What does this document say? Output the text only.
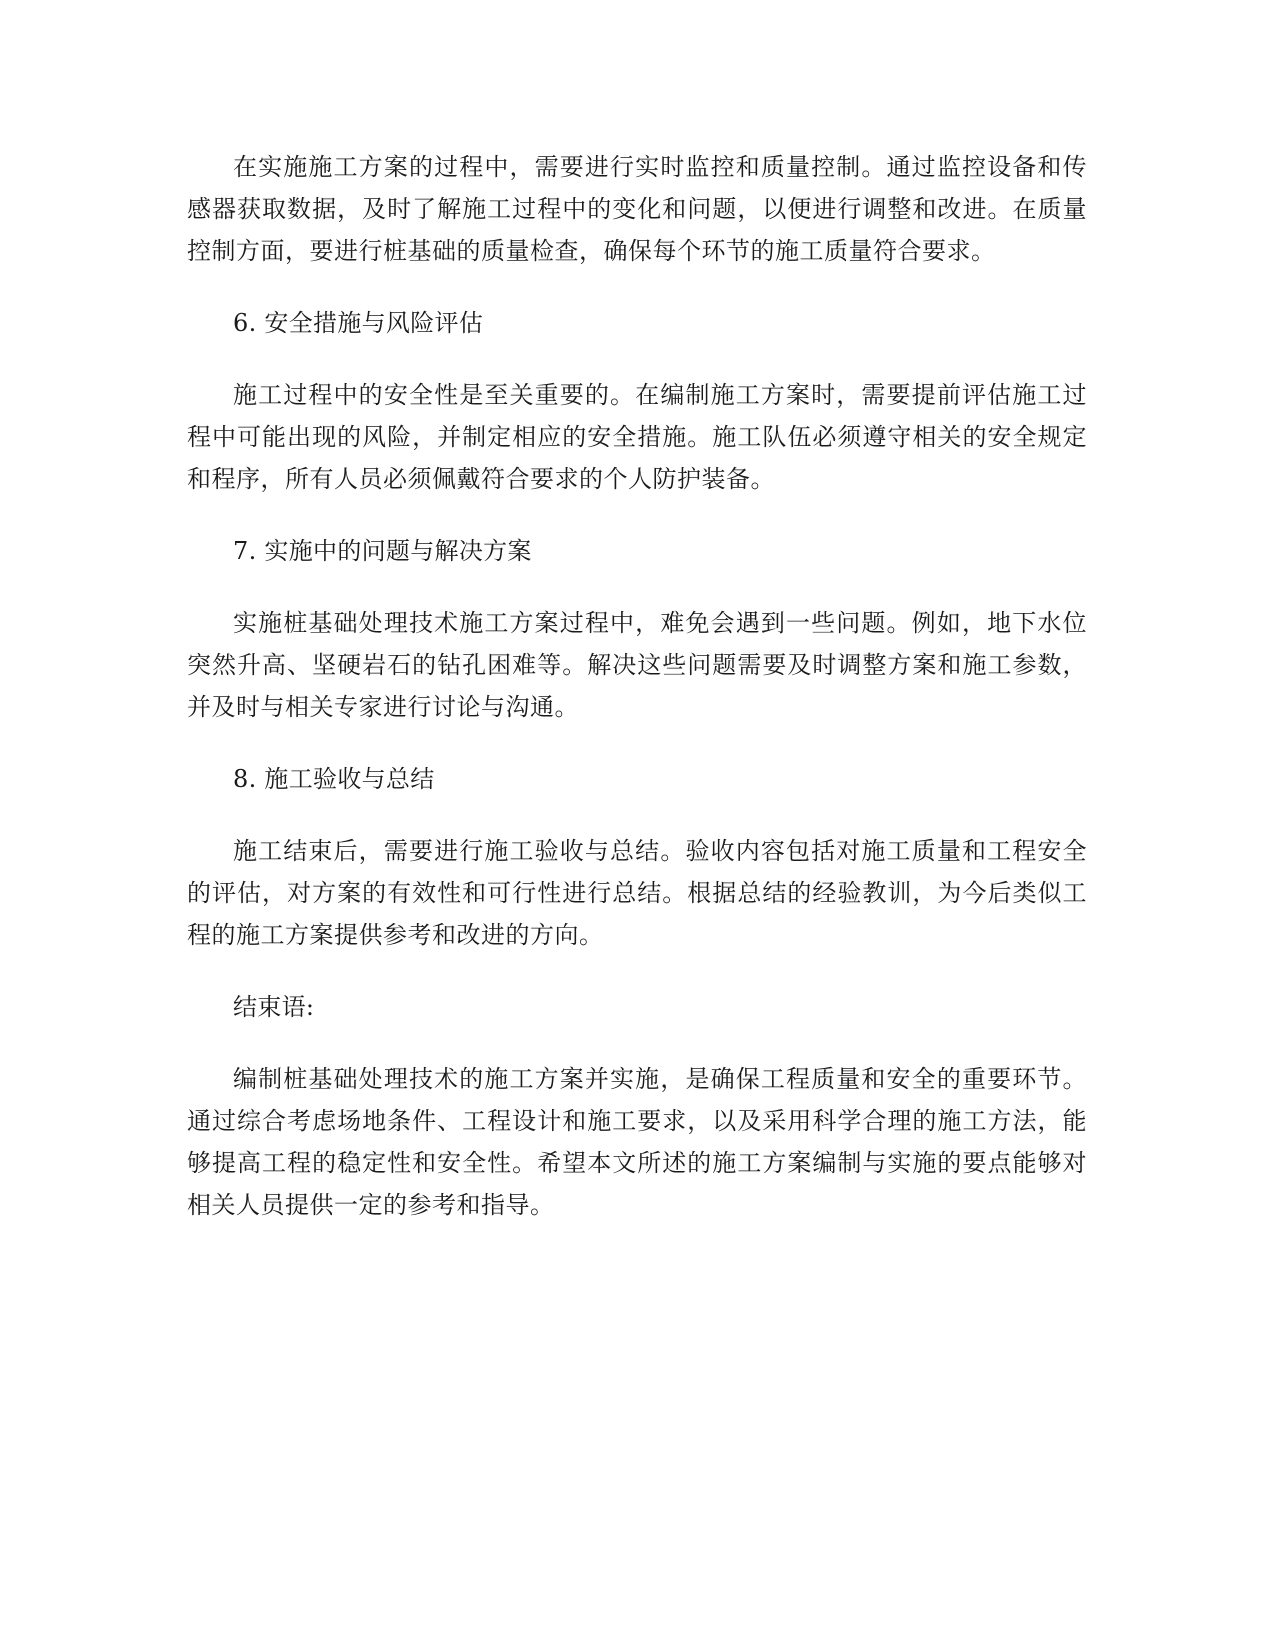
在实施施工方案的过程中，需要进行实时监控和质量控制。通过监控设备和传感器获取数据，及时了解施工过程中的变化和问题，以便进行调整和改进。在质量控制方面，要进行桩基础的质量检查，确保每个环节的施工质量符合要求。

6. 安全措施与风险评估

施工过程中的安全性是至关重要的。在编制施工方案时，需要提前评估施工过程中可能出现的风险，并制定相应的安全措施。施工队伍必须遵守相关的安全规定和程序，所有人员必须佩戴符合要求的个人防护装备。

7. 实施中的问题与解决方案

实施桩基础处理技术施工方案过程中，难免会遇到一些问题。例如，地下水位突然升高、坚硬岩石的钻孔困难等。解决这些问题需要及时调整方案和施工参数，并及时与相关专家进行讨论与沟通。

8. 施工验收与总结

施工结束后，需要进行施工验收与总结。验收内容包括对施工质量和工程安全的评估，对方案的有效性和可行性进行总结。根据总结的经验教训，为今后类似工程的施工方案提供参考和改进的方向。

结束语:

编制桩基础处理技术的施工方案并实施，是确保工程质量和安全的重要环节。通过综合考虑场地条件、工程设计和施工要求，以及采用科学合理的施工方法，能够提高工程的稳定性和安全性。希望本文所述的施工方案编制与实施的要点能够对相关人员提供一定的参考和指导。
